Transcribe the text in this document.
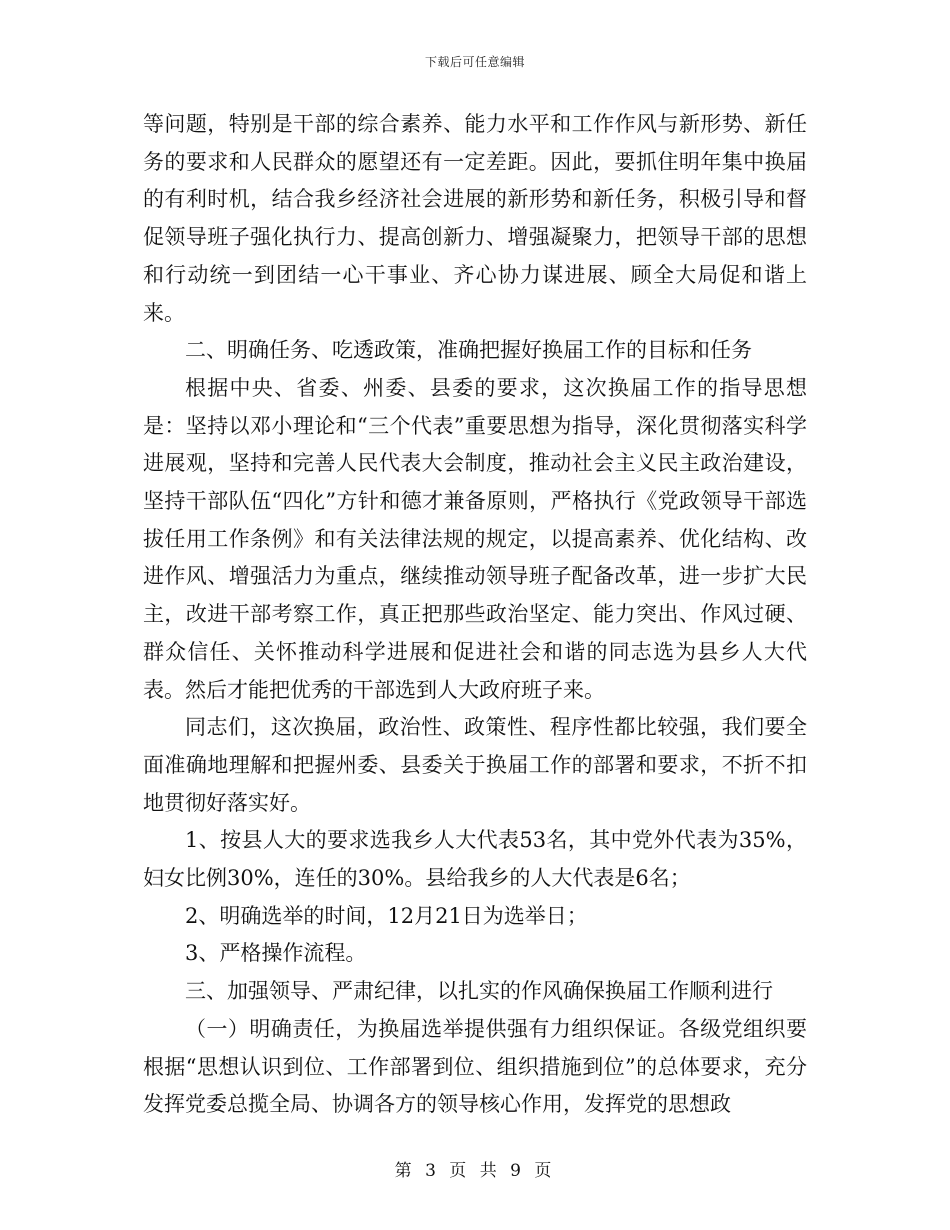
下载后可任意编辑

等问题，特别是干部的综合素养、能力水平和工作作风与新形势、新任务的要求和人民群众的愿望还有一定差距。因此，要抓住明年集中换届的有利时机，结合我乡经济社会进展的新形势和新任务，积极引导和督促领导班子强化执行力、提高创新力、增强凝聚力，把领导干部的思想和行动统一到团结一心干事业、齐心协力谋进展、顾全大局促和谐上来。

二、明确任务、吃透政策，准确把握好换届工作的目标和任务

根据中央、省委、州委、县委的要求，这次换届工作的指导思想是：坚持以邓小理论和“三个代表”重要思想为指导，深化贯彻落实科学进展观，坚持和完善人民代表大会制度，推动社会主义民主政治建设，坚持干部队伍“四化”方针和德才兼备原则，严格执行《党政领导干部选拔任用工作条例》和有关法律法规的规定，以提高素养、优化结构、改进作风、增强活力为重点，继续推动领导班子配备改革，进一步扩大民主，改进干部考察工作，真正把那些政治坚定、能力突出、作风过硬、群众信任、关怀推动科学进展和促进社会和谐的同志选为县乡人大代表。然后才能把优秀的干部选到人大政府班子来。

同志们，这次换届，政治性、政策性、程序性都比较强，我们要全面准确地理解和把握州委、县委关于换届工作的部署和要求，不折不扣地贯彻好落实好。

1、按县人大的要求选我乡人大代表53名，其中党外代表为35%，妇女比例30%，连任的30%。县给我乡的人大代表是6名；

2、明确选举的时间，12月21日为选举日；

3、严格操作流程。

三、加强领导、严肃纪律，以扎实的作风确保换届工作顺利进行

（一）明确责任，为换届选举提供强有力组织保证。各级党组织要根据“思想认识到位、工作部署到位、组织措施到位”的总体要求，充分发挥党委总揽全局、协调各方的领导核心作用，发挥党的思想政

第 3 页 共 9 页
